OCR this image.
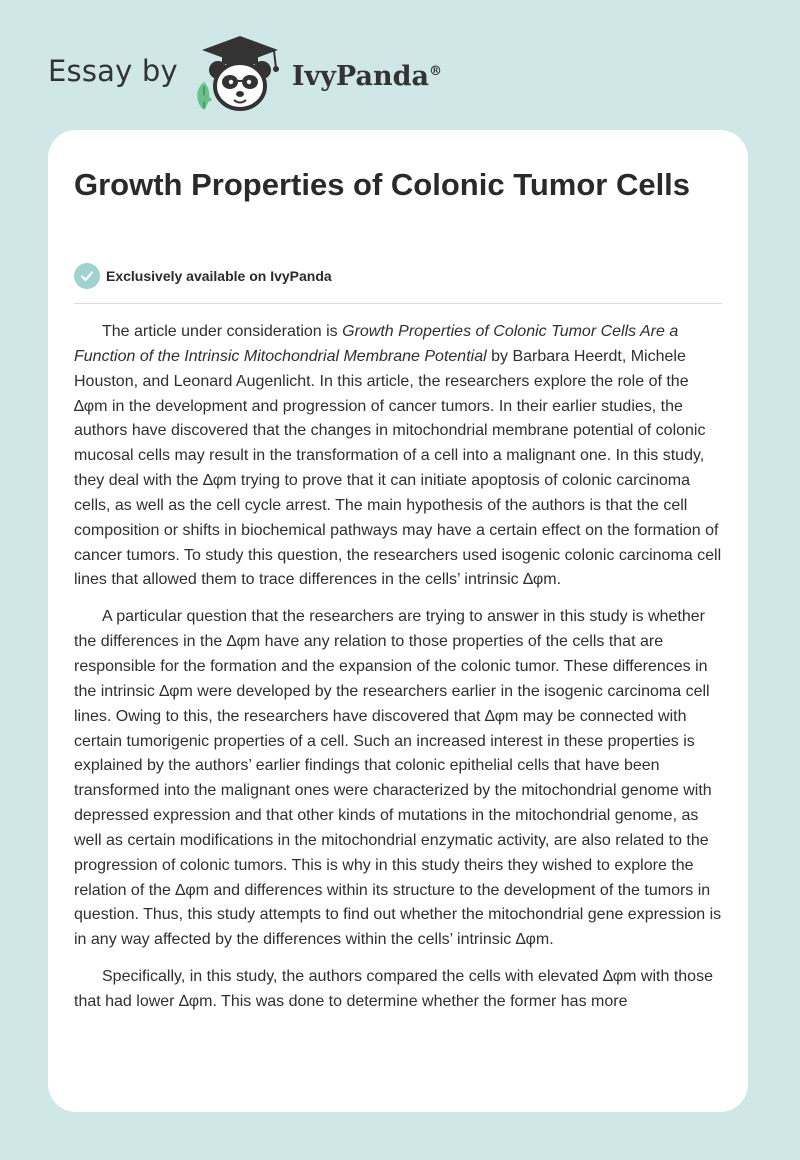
Essay by	IvyPanda®
Growth Properties of Colonic Tumor Cells
Exclusively available on IvyPanda

The article under consideration is Growth Properties of Colonic Tumor Cells Are a Function of the Intrinsic Mitochondrial Membrane Potential by Barbara Heerdt, Michele Houston, and Leonard Augenlicht. In this article, the researchers explore the role of the ∆φm in the development and progression of cancer tumors. In their earlier studies, the authors have discovered that the changes in mitochondrial membrane potential of colonic mucosal cells may result in the transformation of a cell into a malignant one. In this study, they deal with the ∆φm trying to prove that it can initiate apoptosis of colonic carcinoma cells, as well as the cell cycle arrest. The main hypothesis of the authors is that the cell composition or shifts in biochemical pathways may have a certain effect on the formation of cancer tumors. To study this question, the researchers used isogenic colonic carcinoma cell lines that allowed them to trace differences in the cells’ intrinsic ∆φm.

A particular question that the researchers are trying to answer in this study is whether the differences in the ∆φm have any relation to those properties of the cells that are responsible for the formation and the expansion of the colonic tumor. These differences in the intrinsic ∆φm were developed by the researchers earlier in the isogenic carcinoma cell lines. Owing to this, the researchers have discovered that ∆φm may be connected with certain tumorigenic properties of a cell. Such an increased interest in these properties is explained by the authors’ earlier findings that colonic epithelial cells that have been transformed into the malignant ones were characterized by the mitochondrial genome with depressed expression and that other kinds of mutations in the mitochondrial genome, as well as certain modifications in the mitochondrial enzymatic activity, are also related to the progression of colonic tumors. This is why in this study theirs they wished to explore the relation of the ∆φm and differences within its structure to the development of the tumors in question. Thus, this study attempts to find out whether the mitochondrial gene expression is in any way affected by the differences within the cells’ intrinsic ∆φm.

Specifically, in this study, the authors compared the cells with elevated ∆φm with those that had lower ∆φm. This was done to determine whether the former has more
